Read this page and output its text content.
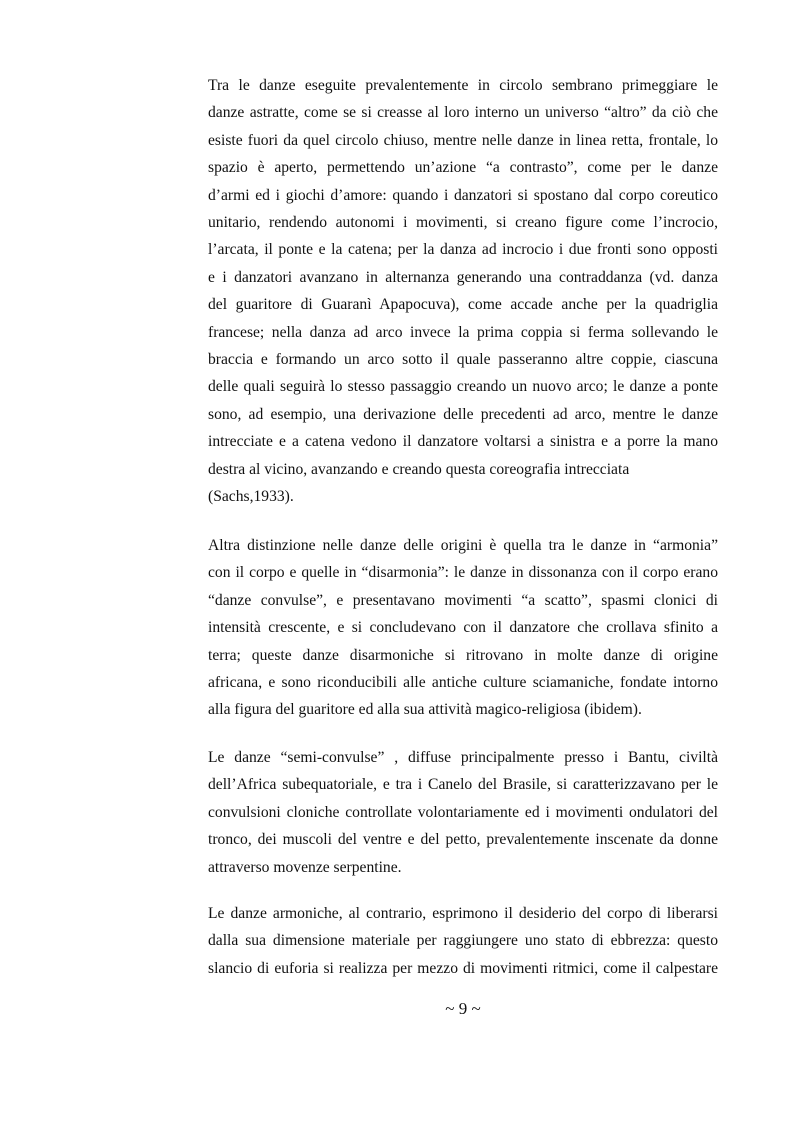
Tra le danze eseguite prevalentemente in circolo sembrano primeggiare le
danze astratte, come se si creasse al loro interno un universo “altro” da ciò che
esiste fuori da quel circolo chiuso, mentre nelle danze in linea retta, frontale, lo
spazio è aperto, permettendo un’azione “a contrasto”, come per le danze
d’armi ed i giochi d’amore: quando i danzatori si spostano dal corpo coreutico
unitario, rendendo autonomi i movimenti, si creano figure come l’incrocio,
l’arcata, il ponte e la catena; per la danza ad incrocio i due fronti sono opposti
e i danzatori avanzano in alternanza generando una contraddanza (vd. danza
del guaritore di Guaranì Apapocuva), come accade anche per la quadriglia
francese; nella danza ad arco invece la prima coppia si ferma sollevando le
braccia e formando un arco sotto il quale passeranno altre coppie, ciascuna
delle quali seguirà lo stesso passaggio creando un nuovo arco; le danze a ponte
sono, ad esempio, una derivazione delle precedenti ad arco, mentre le danze
intrecciate e a catena vedono il danzatore voltarsi a sinistra e a porre la mano
destra al vicino, avanzando e creando questa coreografia intrecciata
(Sachs,1933).

Altra distinzione nelle danze delle origini è quella tra le danze in “armonia”
con il corpo e quelle in “disarmonia”: le danze in dissonanza con il corpo erano
“danze convulse”, e presentavano movimenti “a scatto”, spasmi clonici di
intensità crescente, e si concludevano con il danzatore che crollava sfinito a
terra; queste danze disarmoniche si ritrovano in molte danze di origine
africana, e sono riconducibili alle antiche culture sciamaniche, fondate intorno
alla figura del guaritore ed alla sua attività magico-religiosa (ibidem).

Le danze “semi-convulse” , diffuse principalmente presso i Bantu, civiltà
dell’Africa subequatoriale, e tra i Canelo del Brasile, si caratterizzavano per le
convulsioni cloniche controllate volontariamente ed i movimenti ondulatori del
tronco, dei muscoli del ventre e del petto, prevalentemente inscenate da donne
attraverso movenze serpentine.

Le danze armoniche, al contrario, esprimono il desiderio del corpo di liberarsi
dalla sua dimensione materiale per raggiungere uno stato di ebbrezza: questo
slancio di euforia si realizza per mezzo di movimenti ritmici, come il calpestare

~ 9 ~
